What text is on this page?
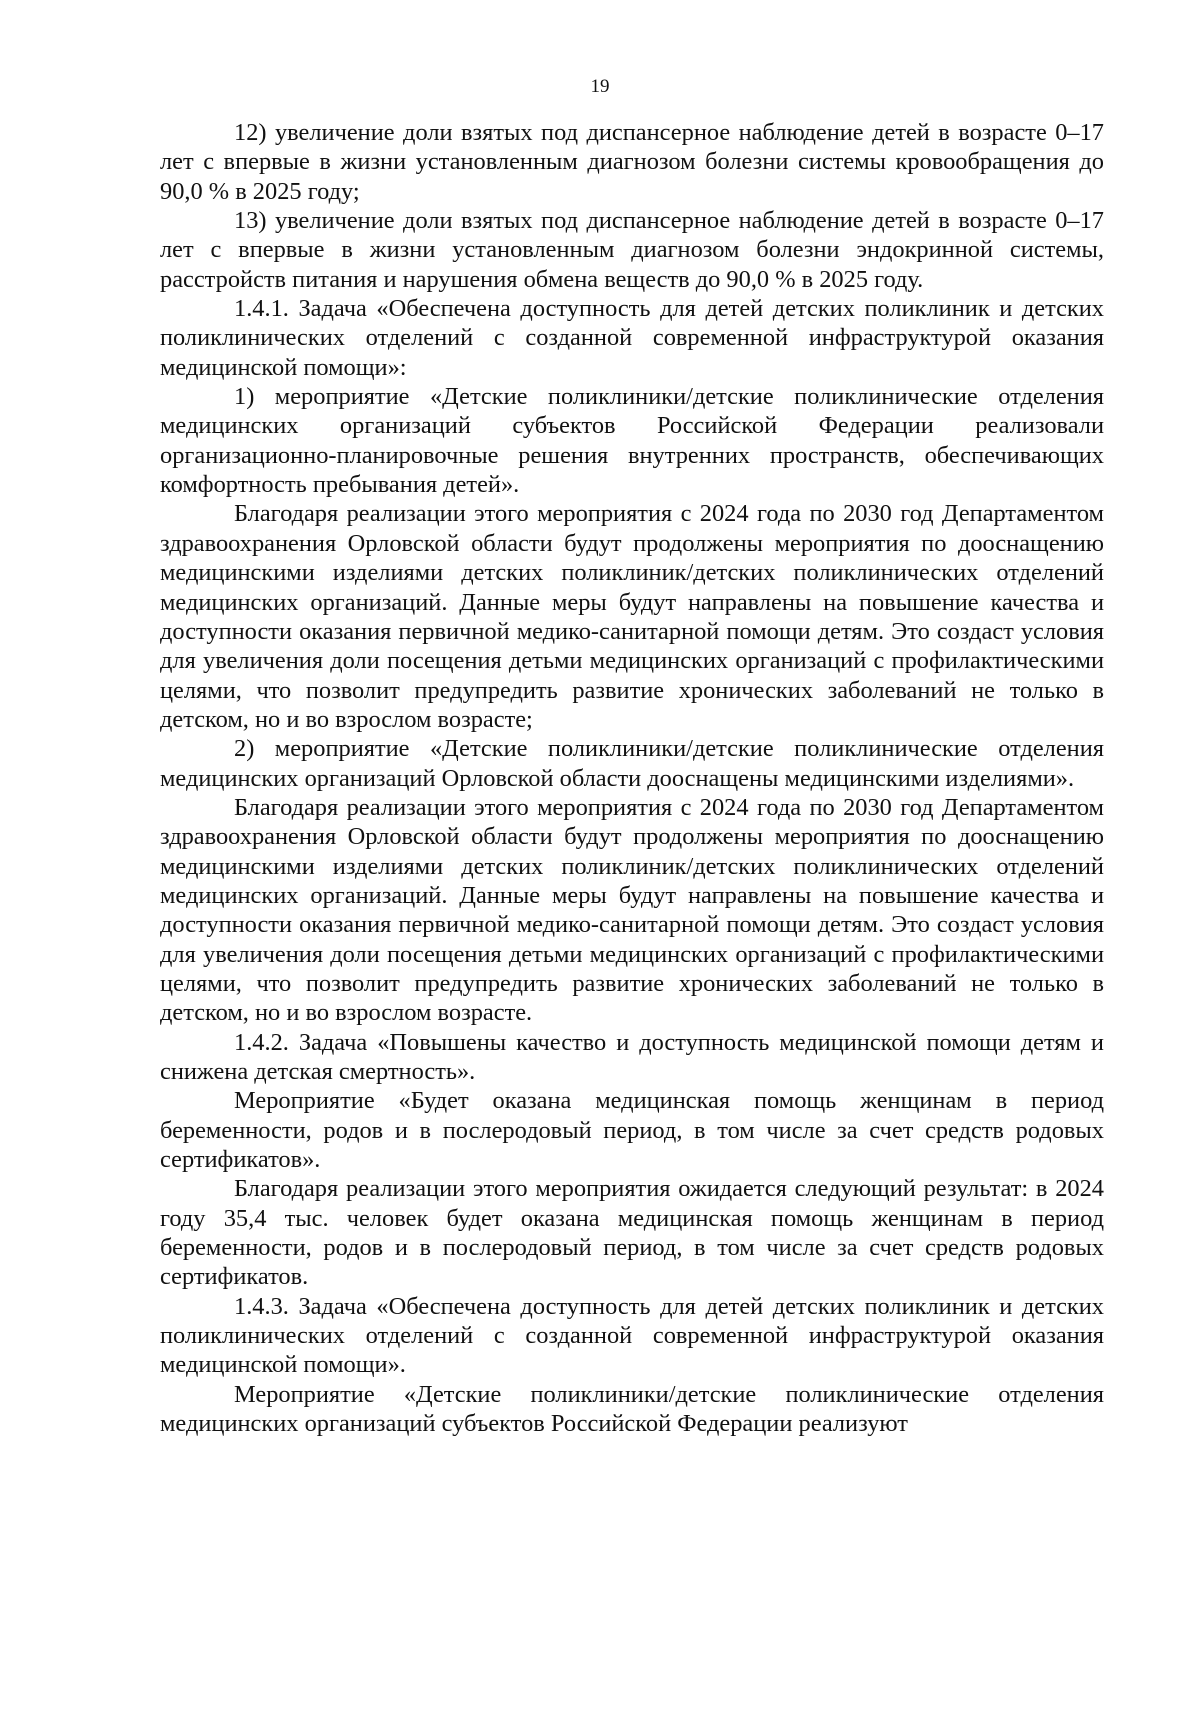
19

12) увеличение доли взятых под диспансерное наблюдение детей в возрасте 0–17 лет с впервые в жизни установленным диагнозом болезни системы кровообращения до 90,0 % в 2025 году;

13) увеличение доли взятых под диспансерное наблюдение детей в возрасте 0–17 лет с впервые в жизни установленным диагнозом болезни эндокринной системы, расстройств питания и нарушения обмена веществ до 90,0 % в 2025 году.

1.4.1. Задача «Обеспечена доступность для детей детских поликлиник и детских поликлинических отделений с созданной современной инфраструктурой оказания медицинской помощи»:

1) мероприятие «Детские поликлиники/детские поликлинические отделения медицинских организаций субъектов Российской Федерации реализовали организационно-планировочные решения внутренних пространств, обеспечивающих комфортность пребывания детей».

Благодаря реализации этого мероприятия с 2024 года по 2030 год Департаментом здравоохранения Орловской области будут продолжены мероприятия по дооснащению медицинскими изделиями детских поликлиник/детских поликлинических отделений медицинских организаций. Данные меры будут направлены на повышение качества и доступности оказания первичной медико-санитарной помощи детям. Это создаст условия для увеличения доли посещения детьми медицинских организаций с профилактическими целями, что позволит предупредить развитие хронических заболеваний не только в детском, но и во взрослом возрасте;

2) мероприятие «Детские поликлиники/детские поликлинические отделения медицинских организаций Орловской области дооснащены медицинскими изделиями».

Благодаря реализации этого мероприятия с 2024 года по 2030 год Департаментом здравоохранения Орловской области будут продолжены мероприятия по дооснащению медицинскими изделиями детских поликлиник/детских поликлинических отделений медицинских организаций. Данные меры будут направлены на повышение качества и доступности оказания первичной медико-санитарной помощи детям. Это создаст условия для увеличения доли посещения детьми медицинских организаций с профилактическими целями, что позволит предупредить развитие хронических заболеваний не только в детском, но и во взрослом возрасте.

1.4.2. Задача «Повышены качество и доступность медицинской помощи детям и снижена детская смертность».

Мероприятие «Будет оказана медицинская помощь женщинам в период беременности, родов и в послеродовый период, в том числе за счет средств родовых сертификатов».

Благодаря реализации этого мероприятия ожидается следующий результат: в 2024 году 35,4 тыс. человек будет оказана медицинская помощь женщинам в период беременности, родов и в послеродовый период, в том числе за счет средств родовых сертификатов.

1.4.3. Задача «Обеспечена доступность для детей детских поликлиник и детских поликлинических отделений с созданной современной инфраструктурой оказания медицинской помощи».

Мероприятие «Детские поликлиники/детские поликлинические отделения медицинских организаций субъектов Российской Федерации реализуют
